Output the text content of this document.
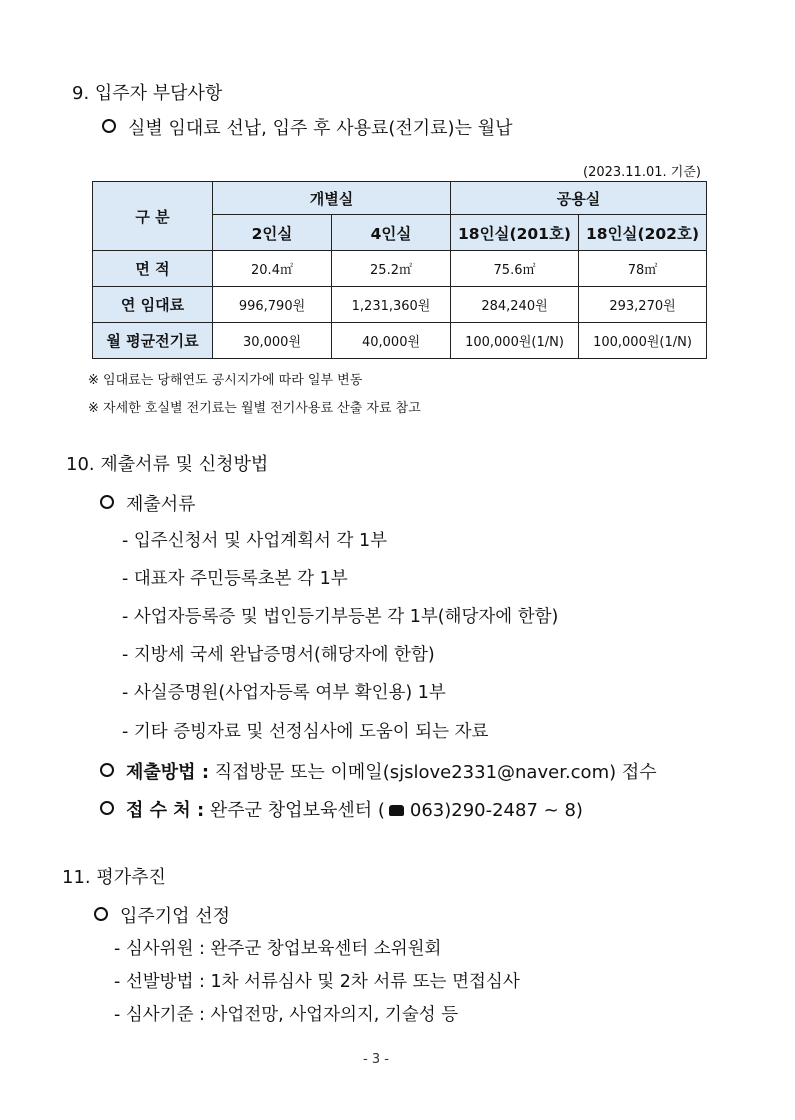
9. 입주자 부담사항
실별 임대료 선납, 입주 후 사용료(전기료)는 월납
(2023.11.01. 기준)
구 분	개별실		공용실	
	2인실	4인실	18인실(201호)	18인실(202호)
면 적	20.4㎡	25.2㎡	75.6㎡	78㎡
연 임대료	996,790원	1,231,360원	284,240원	293,270원
월 평균전기료	30,000원	40,000원	100,000원(1/N)	100,000원(1/N)
※ 임대료는 당해연도 공시지가에 따라 일부 변동
※ 자세한 호실별 전기료는 월별 전기사용료 산출 자료 참고
10. 제출서류 및 신청방법
제출서류
- 입주신청서 및 사업계획서 각 1부
- 대표자 주민등록초본 각 1부
- 사업자등록증 및 법인등기부등본 각 1부(해당자에 한함)
- 지방세 국세 완납증명서(해당자에 한함)
- 사실증명원(사업자등록 여부 확인용) 1부
- 기타 증빙자료 및 선정심사에 도움이 되는 자료
제출방법 : 직접방문 또는 이메일(sjslove2331@naver.com) 접수
접 수 처 : 완주군 창업보육센터 ( 063)290-2487 ~ 8)
11. 평가추진
입주기업 선정
- 심사위원 : 완주군 창업보육센터 소위원회
- 선발방법 : 1차 서류심사 및 2차 서류 또는 면접심사
- 심사기준 : 사업전망, 사업자의지, 기술성 등
- 3 -
